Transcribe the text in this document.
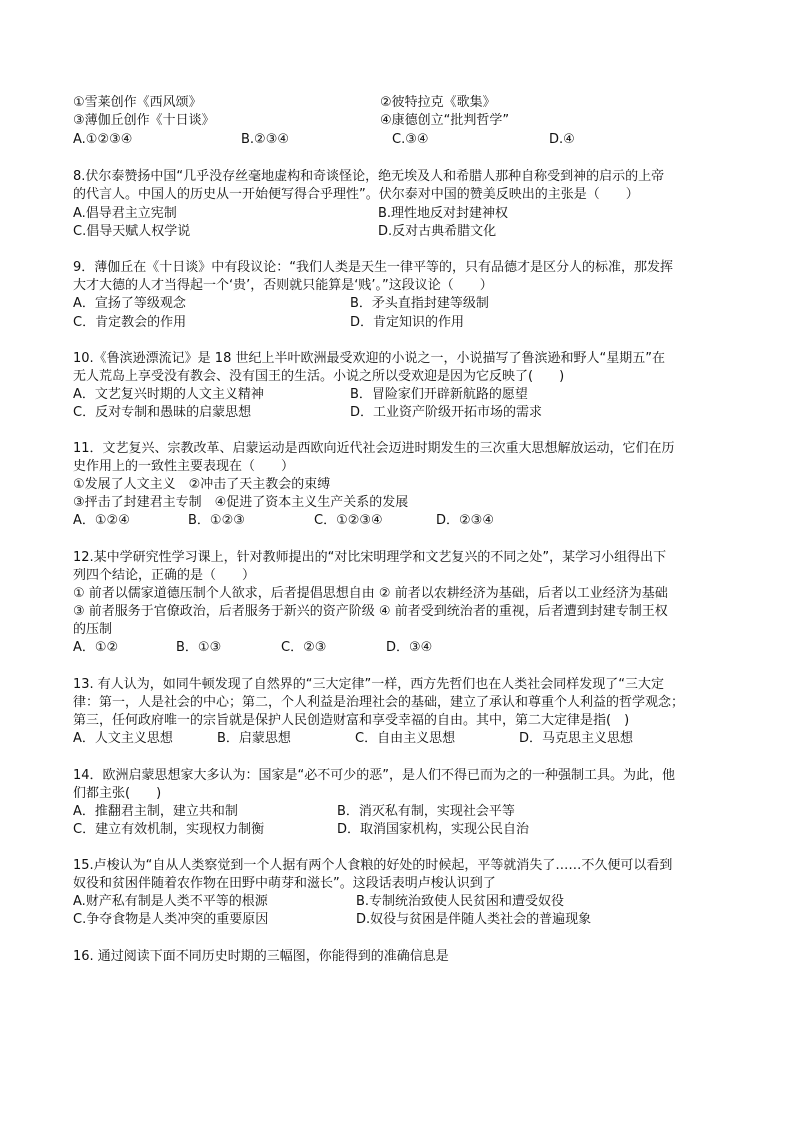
①雪莱创作《西风颂》	②彼特拉克《歌集》
③薄伽丘创作《十日谈》	④康德创立“批判哲学”
A.①②③④	B.②③④	C.③④	D.④
8.伏尔泰赞扬中国“几乎没存丝毫地虚构和奇谈怪论，绝无埃及人和希腊人那种自称受到神的启示的上帝
的代言人。中国人的历史从一开始便写得合乎理性”。伏尔泰对中国的赞美反映出的主张是（　　）
A.倡导君主立宪制	B.理性地反对封建神权
C.倡导天赋人权学说	D.反对古典希腊文化
9．薄伽丘在《十日谈》中有段议论：“我们人类是天生一律平等的，只有品德才是区分人的标准，那发挥
大才大德的人才当得起一个‘贵’，否则就只能算是‘贱’。”这段议论（　　）
A．宣扬了等级观念	B．矛头直指封建等级制
C．肯定教会的作用	D．肯定知识的作用
10.《鲁滨逊漂流记》是 18 世纪上半叶欧洲最受欢迎的小说之一，小说描写了鲁滨逊和野人“星期五”在
无人荒岛上享受没有教会、没有国王的生活。小说之所以受欢迎是因为它反映了(　　)
A．文艺复兴时期的人文主义精神	B．冒险家们开辟新航路的愿望
C．反对专制和愚昧的启蒙思想	D．工业资产阶级开拓市场的需求
11．文艺复兴、宗教改革、启蒙运动是西欧向近代社会迈进时期发生的三次重大思想解放运动，它们在历
史作用上的一致性主要表现在（　　）
①发展了人文主义　②冲击了天主教会的束缚
③抨击了封建君主专制　④促进了资本主义生产关系的发展
A．①②④	B．①②③	C．①②③④	D．②③④
12.某中学研究性学习课上，针对教师提出的“对比宋明理学和文艺复兴的不同之处”，某学习小组得出下
列四个结论，正确的是（　　）
① 前者以儒家道德压制个人欲求，后者提倡思想自由 ② 前者以农耕经济为基础，后者以工业经济为基础
③ 前者服务于官僚政治，后者服务于新兴的资产阶级 ④ 前者受到统治者的重视，后者遭到封建专制王权
的压制
A．①②	B．①③	C．②③	D．③④
13. 有人认为，如同牛顿发现了自然界的“三大定律”一样，西方先哲们也在人类社会同样发现了“三大定
律：第一，人是社会的中心；第二，个人利益是治理社会的基础，建立了承认和尊重个人利益的哲学观念；
第三，任何政府唯一的宗旨就是保护人民创造财富和享受幸福的自由。其中，第二大定律是指(　)
A．人文主义思想	B．启蒙思想	C．自由主义思想	D．马克思主义思想
14．欧洲启蒙思想家大多认为：国家是“必不可少的恶”，是人们不得已而为之的一种强制工具。为此，他
们都主张(　　)
A．推翻君主制，建立共和制	B．消灭私有制，实现社会平等
C．建立有效机制，实现权力制衡	D．取消国家机构，实现公民自治
15.卢梭认为“自从人类察觉到一个人据有两个人食粮的好处的时候起，平等就消失了……不久便可以看到
奴役和贫困伴随着农作物在田野中萌芽和滋长”。这段话表明卢梭认识到了
A.财产私有制是人类不平等的根源	B.专制统治致使人民贫困和遭受奴役
C.争夺食物是人类冲突的重要原因	D.奴役与贫困是伴随人类社会的普遍现象
16. 通过阅读下面不同历史时期的三幅图，你能得到的准确信息是
